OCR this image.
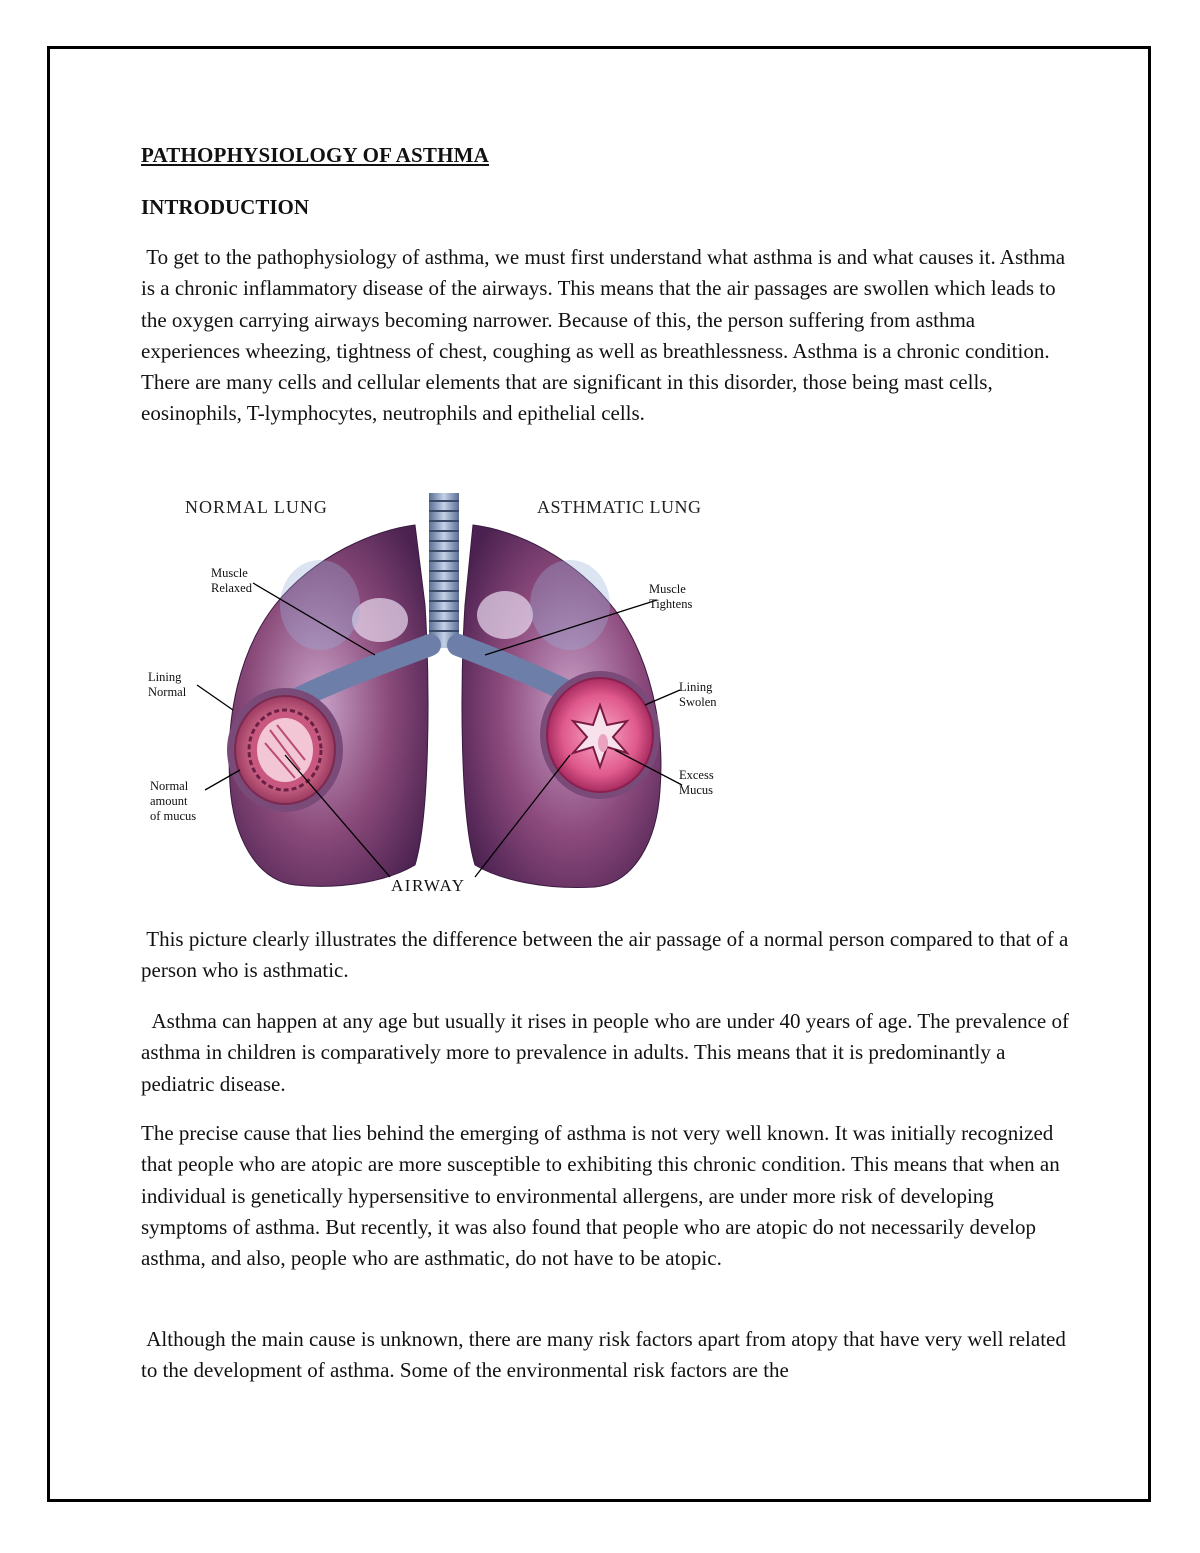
PATHOPHYSIOLOGY OF ASTHMA
INTRODUCTION

To get to the pathophysiology of asthma, we must first understand what asthma is and what causes it. Asthma is a chronic inflammatory disease of the airways. This means that the air passages are swollen which leads to the oxygen carrying airways becoming narrower. Because of this, the person suffering from asthma experiences wheezing, tightness of chest, coughing as well as breathlessness. Asthma is a chronic condition. There are many cells and cellular elements that are significant in this disorder, those being mast cells, eosinophils, T-lymphocytes, neutrophils and epithelial cells.

This picture clearly illustrates the difference between the air passage of a normal person compared to that of a person who is asthmatic.

Asthma can happen at any age but usually it rises in people who are under 40 years of age. The prevalence of asthma in children is comparatively more to prevalence in adults. This means that it is predominantly a pediatric disease.

The precise cause that lies behind the emerging of asthma is not very well known. It was initially recognized that people who are atopic are more susceptible to exhibiting this chronic condition. This means that when an individual is genetically hypersensitive to environmental allergens, are under more risk of developing symptoms of asthma. But recently, it was also found that people who are atopic do not necessarily develop asthma, and also, people who are asthmatic, do not have to be atopic.

Although the main cause is unknown, there are many risk factors apart from atopy that have very well related to the development of asthma. Some of the environmental risk factors are the

NORMAL LUNG	ASTHMATIC LUNG
Muscle
Relaxed	Muscle
Tightens
Lining
Normal	Lining
Swolen
Normal
amount
of mucus
Excess
Mucus
AIRWAY
